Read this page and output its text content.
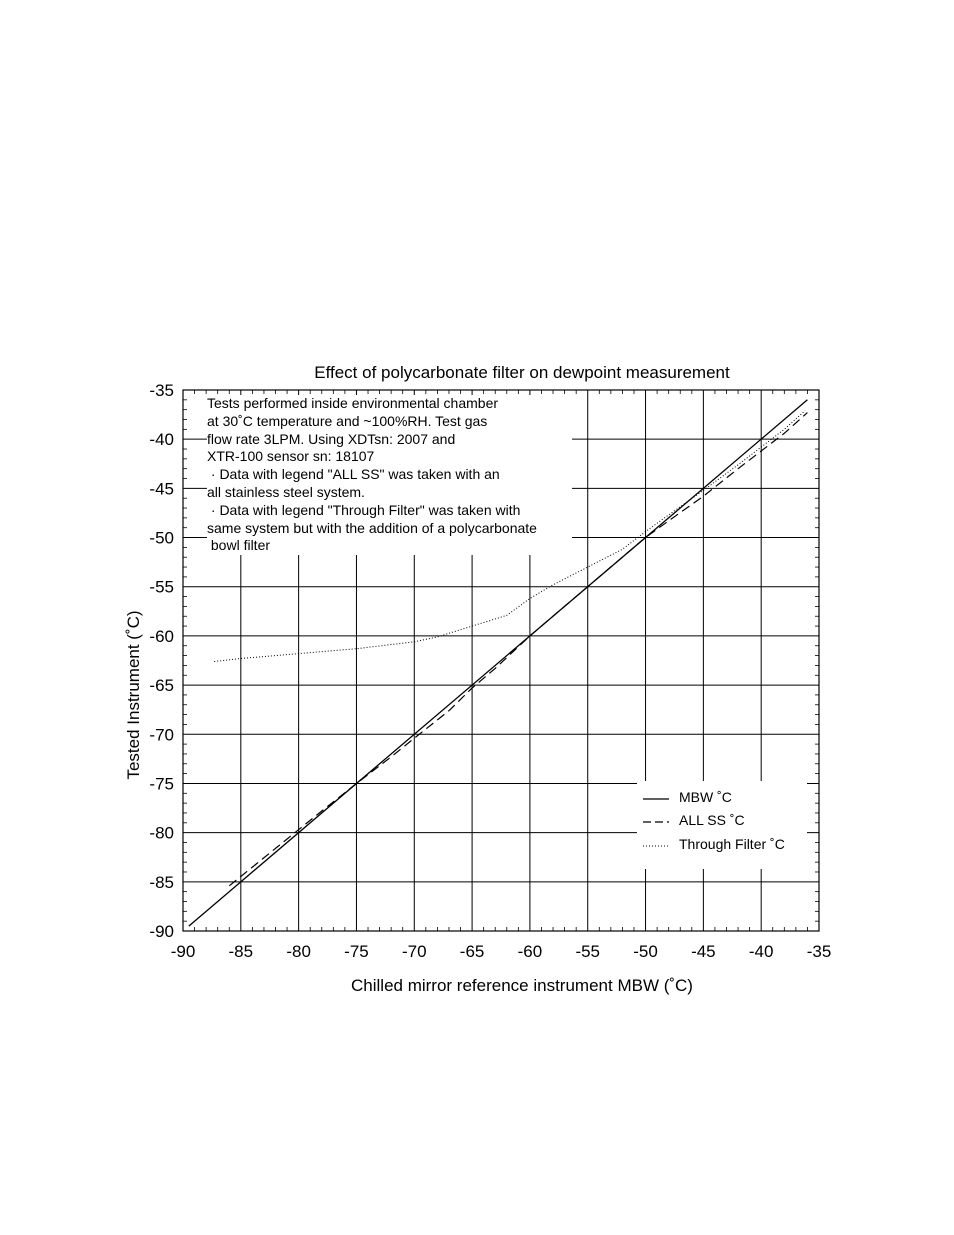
-90 -85 -80 -75 -70 -65 -60 -55 -50 -45 -40 -35
-90
-85
-80
-75
-70
-65
-60
-55
-50
-45
-40
-35
Effect of polycarbonate filter on dewpoint measurement
Chilled mirror reference instrument MBW (˚C)
Tested Instrument (˚C)
Tests performed inside environmental chamber
at 30˚C temperature and ~100%RH. Test gas
flow rate 3LPM. Using XDTsn: 2007 and
XTR-100 sensor sn: 18107
· Data with legend "ALL SS" was taken with an
all stainless steel system.
· Data with legend "Through Filter" was taken with
same system but with the addition of a polycarbonate
bowl filter
MBW ˚C
ALL SS ˚C
Through Filter ˚C
